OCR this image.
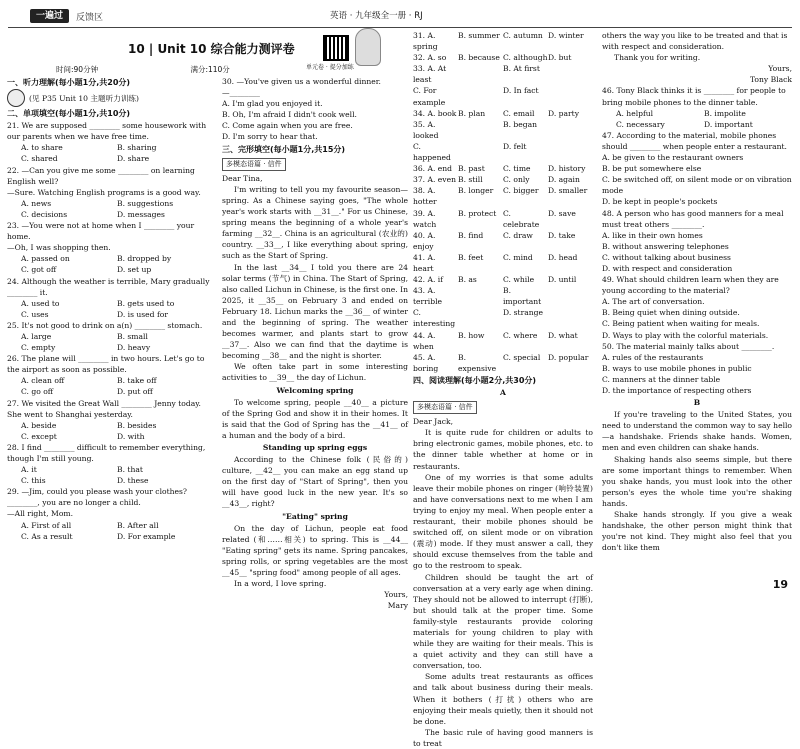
一遍过	反馈区	英语 · 九年级全一册 · RJ
10 | Unit 10 综合能力测评卷
单元卷 · 提分加练
时间:90分钟	满分:110分
一、听力理解(每小题1分,共20分)
(见 P35 Unit 10 主题听力训练)
二、单项填空(每小题1分,共10分)
21. We are supposed ________ some housework with our parents when we have free time.
A. to share	B. sharing
C. shared	D. share
22. —Can you give me some ________ on learning English well?
—Sure. Watching English programs is a good way.
A. news	B. suggestions
C. decisions	D. messages
23. —You were not at home when I ________ your home.
—Oh, I was shopping then.
A. passed on	B. dropped by
C. got off	D. set up
24. Although the weather is terrible, Mary gradually ________ it.
A. used to	B. gets used to
C. uses	D. is used for
25. It's not good to drink on a(n) ________ stomach.
A. large	B. small
C. empty	D. heavy
26. The plane will ________ in two hours. Let's go to the airport as soon as possible.
A. clean off	B. take off
C. go off	D. put off
27. We visited the Great Wall ________ Jenny today. She went to Shanghai yesterday.
A. beside	B. besides
C. except	D. with
28. I find ________ difficult to remember everything, though I'm still young.
A. it	B. that
C. this	D. these
29. —Jim, could you please wash your clothes? ________, you are no longer a child.
—All right, Mom.
A. First of all	B. After all
C. As a result	D. For example
30. —You've given us a wonderful dinner.
—________
A. I'm glad you enjoyed it.
B. Oh, I'm afraid I didn't cook well.
C. Come again when you are free.
D. I'm sorry to hear that.
三、完形填空(每小题1分,共15分)
多模态语篇 · 信件
Dear Tina,
I'm writing to tell you my favourite season—spring. As a Chinese saying goes, "The whole year's work starts with __31__." For us Chinese, spring means the beginning of a whole year's farming __32__. China is an agricultural (农业的) country. __33__, I like everything about spring, such as the Start of Spring.
In the last __34__ I told you there are 24 solar terms (节气) in China. The Start of Spring, also called Lichun in Chinese, is the first one. In 2025, it __35__ on February 3 and ended on February 18. Lichun marks the __36__ of winter and the beginning of spring. The weather becomes warmer, and plants start to grow __37__. Also we can find that the daytime is becoming __38__ and the night is shorter.
We often take part in some interesting activities to __39__ the day of Lichun.
Welcoming spring
To welcome spring, people __40__ a picture of the Spring God and show it in their homes. It is said that the God of Spring has the __41__ of a human and the body of a bird.
Standing up spring eggs
According to the Chinese folk (民俗的) culture, __42__ you can make an egg stand up on the first day of "Start of Spring", then you will have good luck in the new year. It's so __43__, right?
"Eating" spring
On the day of Lichun, people eat food related (和……相关) to spring. This is __44__ "Eating spring" gets its name. Spring pancakes, spring rolls, or spring vegetables are the most __45__ "spring food" among people of all ages.
In a word, I love spring.
Yours,
Mary
31. A. spring
B. summer C. autumn D. winter
32. A. so	B. because C. although D. but
33. A. At least
B. At first
C. For example
D. In fact
34. A. book B. plan	C. email	D. party
35. A. looked
B. began
C. happened
D. felt
36. A. end B. past	C. time	D. history
37. A. even B. still	C. only	D. again
38. A. hotter
B. longer	C. bigger	D. smaller
39. A. watch
B. protect C. celebrate
D. save
40. A. enjoy
B. find	C. draw	D. take
41. A. heart
B. feet	C. mind	D. head
42. A. if	B. as	C. while	D. until
43. A. terrible
B. important
C. interesting
D. strange
44. A. when
B. how	C. where	D. what
45. A. boring
B. expensive
C. special	D. popular
四、阅读理解(每小题2分,共30分)
A
多模态语篇 · 信件
Dear Jack,
It is quite rude for children or adults to bring electronic games, mobile phones, etc. to the dinner table whether at home or in restaurants.
One of my worries is that some adults leave their mobile phones on ringer (响铃装置) and have conversations next to me when I am trying to enjoy my meal. When people enter a restaurant, their mobile phones should be switched off, on silent mode or on vibration (震动) mode. If they must answer a call, they should excuse themselves from the table and go to the restroom to speak.
Children should be taught the art of conversation at a very early age when dining. They should not be allowed to interrupt (打断), but should talk at the proper time. Some family-style restaurants provide coloring materials for young children to play with while they are waiting for their meals. This is a quiet activity and they can still have a conversation, too.
Some adults treat restaurants as offices and talk about business during their meals. When it bothers (打扰) others who are enjoying their meals quietly, then it should not be done.
The basic rule of having good manners is to treat
others the way you like to be treated and that is with respect and consideration.
Thank you for writing.
Yours,
Tony Black
46. Tony Black thinks it is ________ for people to bring mobile phones to the dinner table.
A. helpful	B. impolite
C. necessary	D. important
47. According to the material, mobile phones should ________ when people enter a restaurant.
A. be given to the restaurant owners
B. be put somewhere else
C. be switched off, on silent mode or on vibration mode
D. be kept in people's pockets
48. A person who has good manners for a meal must treat others ________.
A. like in their own homes
B. without answering telephones
C. without talking about business
D. with respect and consideration
49. What should children learn when they are young according to the material?
A. The art of conversation.
B. Being quiet when dining outside.
C. Being patient when waiting for meals.
D. Ways to play with the colorful materials.
50. The material mainly talks about ________.
A. rules of the restaurants
B. ways to use mobile phones in public
C. manners at the dinner table
D. the importance of respecting others
B
If you're traveling to the United States, you need to understand the common way to say hello—a handshake. Friends shake hands. Women, men and even children can shake hands.
Shaking hands also seems simple, but there are some important things to remember. When you shake hands, you must look into the other person's eyes the whole time you're shaking hands.
Shake hands strongly. If you give a weak handshake, the other person might think that you're not kind. They might also feel that you don't like them
19
